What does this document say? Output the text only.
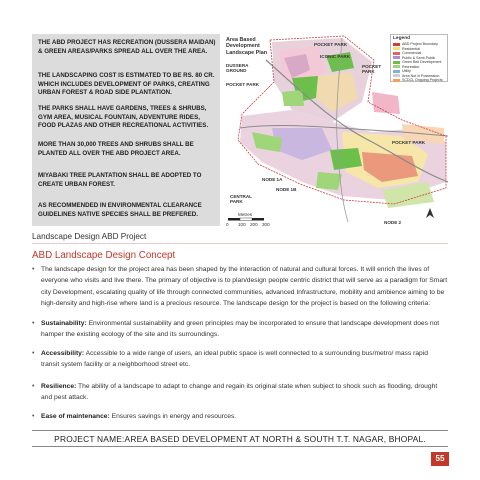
THE ABD PROJECT HAS RECREATION (DUSSERA MAIDAN) & GREEN AREAS/PARKS SPREAD ALL OVER THE AREA.
THE LANDSCAPING COST IS ESTIMATED TO BE RS. 80 CR. WHICH INCLUDES DEVELOPMENT OF PARKS, CREATING URBAN FOREST & ROAD SIDE PLANTATION.
THE PARKS SHALL HAVE GARDENS, TREES & SHRUBS, GYM AREA, MUSICAL FOUNTAIN, ADVENTURE RIDES, FOOD PLAZAS AND OTHER RECREATIONAL ACTIVITIES.
MORE THAN 30,000 TREES AND SHRUBS SHALL BE PLANTED ALL OVER THE ABD PROJECT AREA.
MIYABAKI TREE PLANTATION SHALL BE ADOPTED TO CREATE URBAN FOREST.
AS RECOMMENDED IN ENVIRONMENTAL CLEARANCE GUIDELINES NATIVE SPECIES SHALL BE PREFERED.
Area Based Development Landscape Plan
POCKET PARK
ICONIC PARK
DUSSERA GROUND
POCKET PARK
POCKET PARK
POCKET PARK
NODE 1A
NODE 1B
CENTRAL PARK
NODE 2
Metres
0 100 200 300
Legend
ABD Project Boundary
Residential
Commercial
Public & Semi-Public
Green Belt Development
Recreation
Utility
Area Not in Possession
SCDCL Ongoing Projects
Landscape Design ABD Project
ABD Landscape Design Concept
• The landscape design for the project area has been shaped by the interaction of natural and cultural forces. It will enrich the lives of everyone who visits and live there. The primary of objective is to plan/design people centric district that will serve as a paradigm for Smart city Development, escalating quality of life through connected communities, advanced Infrastructure, mobility and ambience aiming to be high-density and high-rise where land is a precious resource. The landscape design for the project is based on the following criteria:
• Sustainability: Environmental sustainability and green principles may be incorporated to ensure that landscape development does not hamper the existing ecology of the site and its surroundings.
• Accessibility: Accessible to a wide range of users, an ideal public space is well connected to a surrounding bus/metro/ mass rapid transit system facility or a neighborhood street etc.
• Resilience: The ability of a landscape to adapt to change and regain its original state when subject to shock such as flooding, drought and pest attack.
• Ease of maintenance: Ensures savings in energy and resources.
PROJECT NAME:AREA BASED DEVELOPMENT AT NORTH & SOUTH T.T. NAGAR, BHOPAL.
55
